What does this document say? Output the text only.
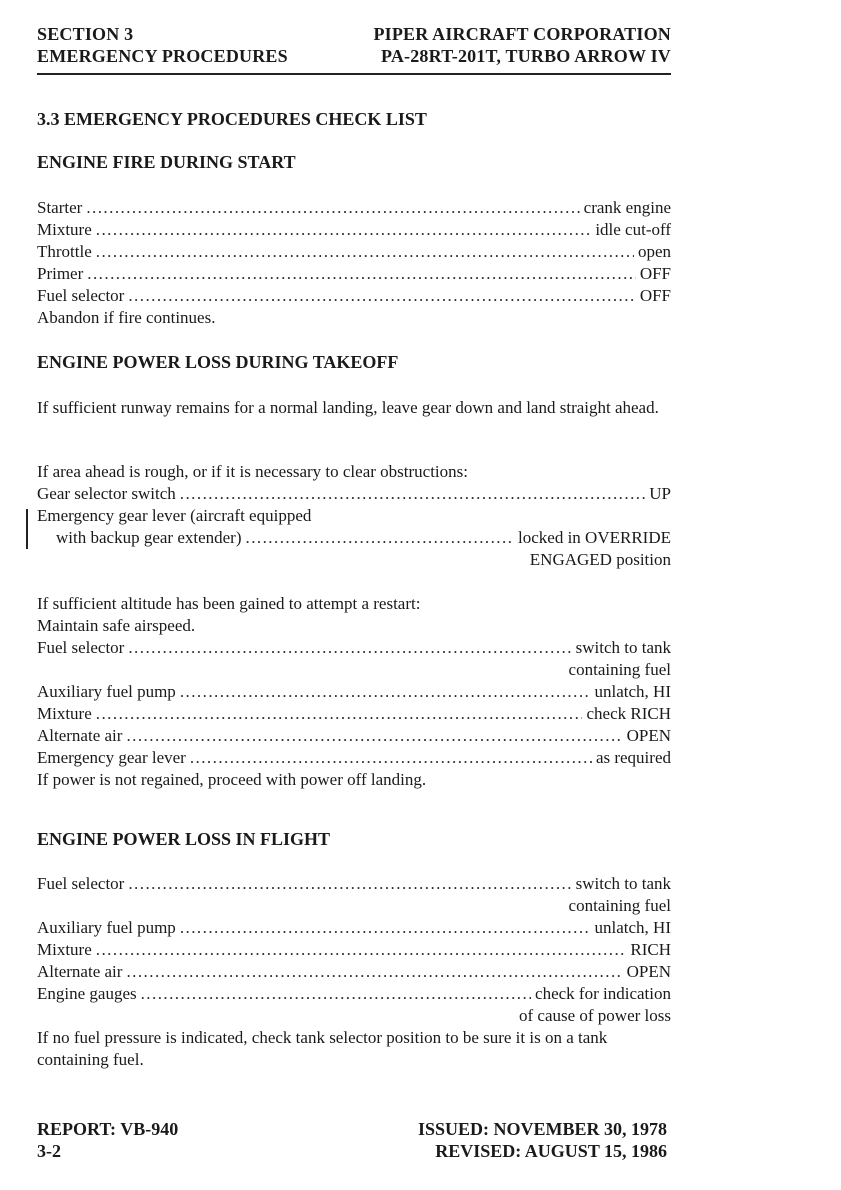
SECTION 3	PIPER AIRCRAFT CORPORATION
EMERGENCY PROCEDURES	PA-28RT-201T, TURBO ARROW IV
3.3 EMERGENCY PROCEDURES CHECK LIST
ENGINE FIRE DURING START
Starter . . .	crank engine
Mixture . . .	idle cut-off
Throttle . . .	open
Primer . . .	OFF
Fuel selector . . .	OFF
Abandon if fire continues.
ENGINE POWER LOSS DURING TAKEOFF
If sufficient runway remains for a normal landing, leave gear down and land straight ahead.
If area ahead is rough, or if it is necessary to clear obstructions:
Gear selector switch . . .	UP
Emergency gear lever (aircraft equipped
with backup gear extender) . . .	locked in OVERRIDE
ENGAGED position
If sufficient altitude has been gained to attempt a restart:
Maintain safe airspeed.
Fuel selector . . .	switch to tank
containing fuel
Auxiliary fuel pump . . .	unlatch, HI
Mixture . . .	check RICH
Alternate air . . .	OPEN
Emergency gear lever . . .	as required
If power is not regained, proceed with power off landing.
ENGINE POWER LOSS IN FLIGHT
Fuel selector . . .	switch to tank
containing fuel
Auxiliary fuel pump . . .	unlatch, HI
Mixture . . .	RICH
Alternate air . . .	OPEN
Engine gauges . . .	check for indication
of cause of power loss
If no fuel pressure is indicated, check tank selector position to be sure it is on a tank containing fuel.
REPORT: VB-940
3-2
ISSUED: NOVEMBER 30, 1978
REVISED: AUGUST 15, 1986
